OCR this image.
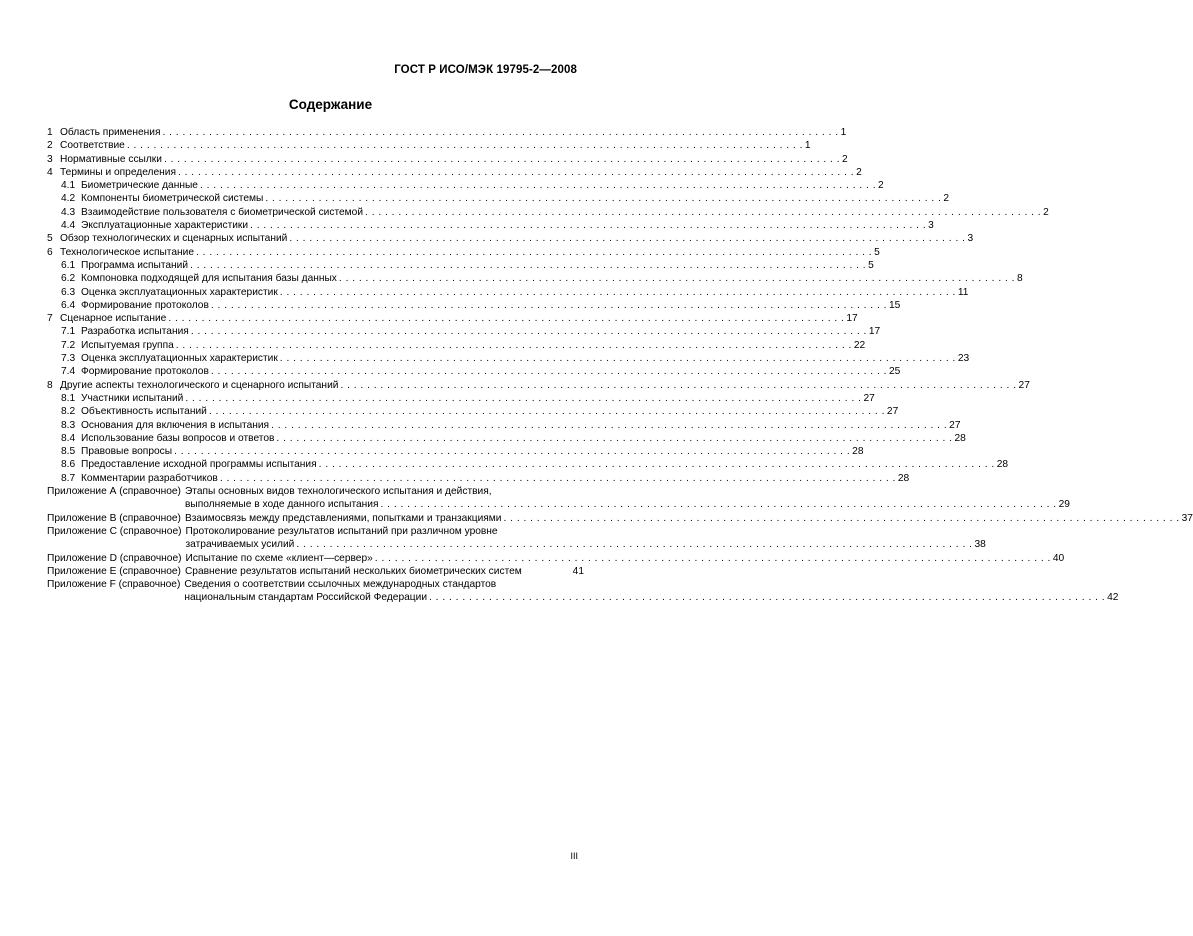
ГОСТ Р ИСО/МЭК 19795-2—2008
Содержание
1 Область применения . . .	1
2 Соответствие . . .	1
3 Нормативные ссылки . . .	2
4 Термины и определения . . .	2
4.1 Биометрические данные . . .	2
4.2 Компоненты биометрической системы . . .	2
4.3 Взаимодействие пользователя с биометрической системой . . .	2
4.4 Эксплуатационные характеристики . . .	3
5 Обзор технологических и сценарных испытаний . . .	3
6 Технологическое испытание . . .	5
6.1 Программа испытаний . . .	5
6.2 Компоновка подходящей для испытания базы данных . . .	8
6.3 Оценка эксплуатационных характеристик . . .	11
6.4 Формирование протоколов . . .	15
7 Сценарное испытание . . .	17
7.1 Разработка испытания . . .	17
7.2 Испытуемая группа . . .	22
7.3 Оценка эксплуатационных характеристик . . .	23
7.4 Формирование протоколов . . .	25
8 Другие аспекты технологического и сценарного испытаний . . .	27
8.1 Участники испытаний . . .	27
8.2 Объективность испытаний . . .	27
8.3 Основания для включения в испытания . . .	27
8.4 Использование базы вопросов и ответов . . .	28
8.5 Правовые вопросы . . .	28
8.6 Предоставление исходной программы испытания . . .	28
8.7 Комментарии разработчиков . . .	28
Приложение А (справочное) Этапы основных видов технологического испытания и действия,
выполняемые в ходе данного испытания . . .	29
Приложение В (справочное) Взаимосвязь между представлениями, попытками и транзакциями . . .	37
Приложение С (справочное) Протоколирование результатов испытаний при различном уровне
затрачиваемых усилий . . .	38
Приложение D (справочное) Испытание по схеме «клиент—сервер» . . .	40
Приложение Е (справочное) Сравнение результатов испытаний нескольких биометрических систем	41
Приложение F (справочное) Сведения о соответствии ссылочных международных стандартов
национальным стандартам Российской Федерации . . .	42
III
